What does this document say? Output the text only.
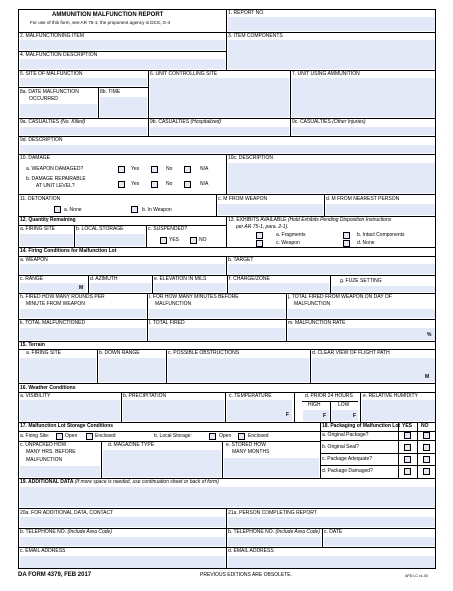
AMMUNITION MALFUNCTION REPORT
For use of this form, see AR 75-1; the proponent agency is DCS, G-4
1. REPORT NO.
2. MALFUNCTIONING ITEM	3. ITEM COMPONENTS
4. MALFUNCTION DESCRIPTION
5. SITE OF MALFUNCTION	6. UNIT CONTROLLING SITE	7. UNIT USING AMMUNITION
8a. DATE MALFUNCTION
OCCURRED
8b. TIME
9a. CASUALTIES (No. Killed)	9b. CASUALTIES (Hospitalized)	9c. CASUALTIES (Other Injuries)
9d. DESCRIPTION
10. DAMAGE
a. WEAPON DAMAGED?	Yes	No	N/A
b. DAMAGE REPAIRABLE
AT UNIT LEVEL?	Yes	No	N/A
10c. DESCRIPTION
11. DETONATION
a. None	b. In Weapon
c. M FROM WEAPON	d. M FROM NEAREST PERSON
12. Quantity Remaining
a. FIRING SITE	b. LOCAL STORAGE	c. SUSPENDED?
YES	NO
13. EXHIBITS AVAILABLE (Hold Exhibits Pending Disposition Instructions
per AR 75-1, para. 2-1).
a. Fragments	b. Intact Components
c. Weapon	d. None
14. Firing Conditions for Malfunction Lot
a. WEAPON	b. TARGET
c. RANGE
M
d. AZIMUTH	e. ELEVATION IN MILS	f. CHARGE/ZONE	g. FUZE SETTING
h. FIRED HOW MANY ROUNDS PER
MINUTE FROM WEAPON
i. FOR HOW MANY MINUTES BEFORE
MALFUNCTION
j. TOTAL FIRED FROM WEAPON ON DAY OF
MALFUNCTION
k. TOTAL MALFUNCTIONED	l. TOTAL FIRED	m. MALFUNCTION RATE
%
15. Terrain
a. FIRING SITE	b. DOWN RANGE	c. POSSIBLE OBSTRUCTIONS	d. CLEAR VIEW OF FLIGHT PATH
M
16. Weather Conditions
a. VISIBILITY	b. PRECIPITATION	c. TEMPERATURE
F
d. PRIOR 24 HOURS
HIGH	LOW
F	F
e. RELATIVE HUMIDITY
17. Malfunction Lot Storage Conditions
a. Firing Site:	Open	Enclosed	b. Local Storage:	Open	Enclosed
c. UNPACKED HOW
MANY HRS. BEFORE
MALFUNCTION
d. MAGAZINE TYPE	e. STORED HOW
MANY MONTHS
18. Packaging of Malfunction Lot YES NO
a. Original Package?
b. Original Seal?
c. Package Adequate?
d. Package Damaged?
19. ADDITIONAL DATA (If more space is needed, use continuation sheet or back of form)
20a. FOR ADDITIONAL DATA, CONTACT	21a. PERSON COMPLETING REPORT
b. TELEPHONE NO. (Include Area Code)	b. TELEPHONE NO. (Include Area Code) c. DATE
c. EMAIL ADDRESS	d. EMAIL ADDRESS
DA FORM 4379, FEB 2017	PREVIOUS EDITIONS ARE OBSOLETE.	APD LC v1.00
